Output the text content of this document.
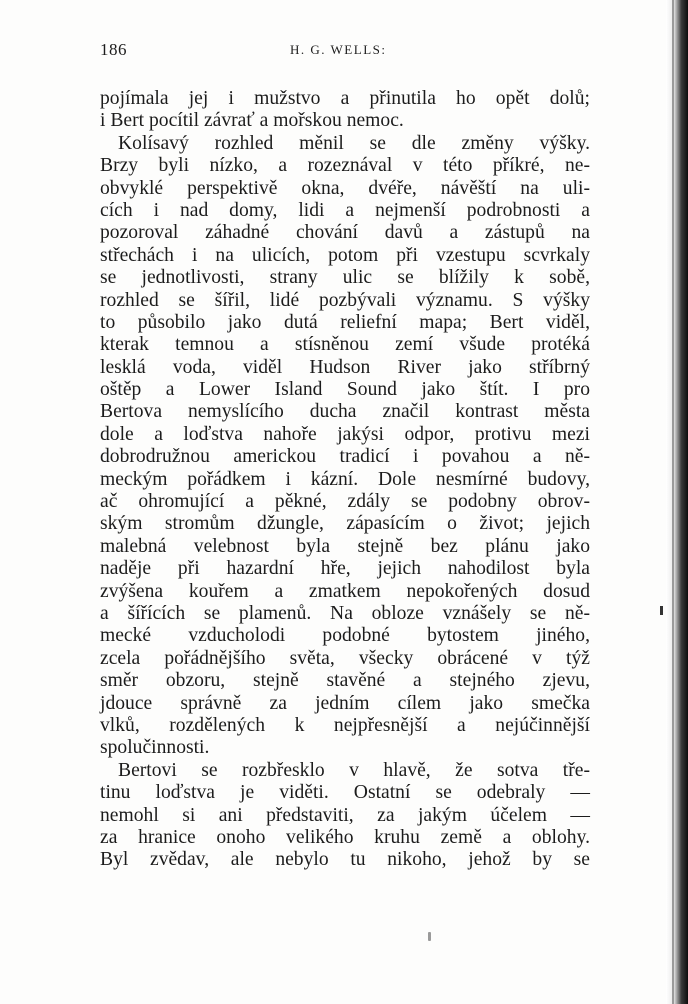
186	H. G. WELLS:
pojímala jej i mužstvo a přinutila ho opět dolů;
i Bert pocítil závrať a mořskou nemoc.
Kolísavý rozhled měnil se dle změny výšky.
Brzy byli nízko, a rozeznával v této příkré, ne-
obvyklé perspektivě okna, dvéře, návěští na uli-
cích i nad domy, lidi a nejmenší podrobnosti a
pozoroval záhadné chování davů a zástupů na
střechách i na ulicích, potom při vzestupu scvrkaly
se jednotlivosti, strany ulic se blížily k sobě,
rozhled se šířil, lidé pozbývali významu. S výšky
to působilo jako dutá reliefní mapa; Bert viděl,
kterak temnou a stísněnou zemí všude protéká
lesklá voda, viděl Hudson River jako stříbrný
oštěp a Lower Island Sound jako štít. I pro
Bertova nemyslícího ducha značil kontrast města
dole a loďstva nahoře jakýsi odpor, protivu mezi
dobrodružnou americkou tradicí i povahou a ně-
meckým pořádkem i kázní. Dole nesmírné budovy,
ač ohromující a pěkné, zdály se podobny obrov-
ským stromům džungle, zápasícím o život; jejich
malebná velebnost byla stejně bez plánu jako
naděje při hazardní hře, jejich nahodilost byla
zvýšena kouřem a zmatkem nepokořených dosud
a šířících se plamenů. Na obloze vznášely se ně-
mecké vzducholodi podobné bytostem jiného,
zcela pořádnějšího světa, všecky obrácené v týž
směr obzoru, stejně stavěné a stejného zjevu,
jdouce správně za jedním cílem jako smečka
vlků, rozdělených k nejpřesnější a nejúčinnější
spolučinnosti.
Bertovi se rozbřesklo v hlavě, že sotva tře-
tinu loďstva je viděti. Ostatní se odebraly —
nemohl si ani představiti, za jakým účelem —
za hranice onoho velikého kruhu země a oblohy.
Byl zvědav, ale nebylo tu nikoho, jehož by se
